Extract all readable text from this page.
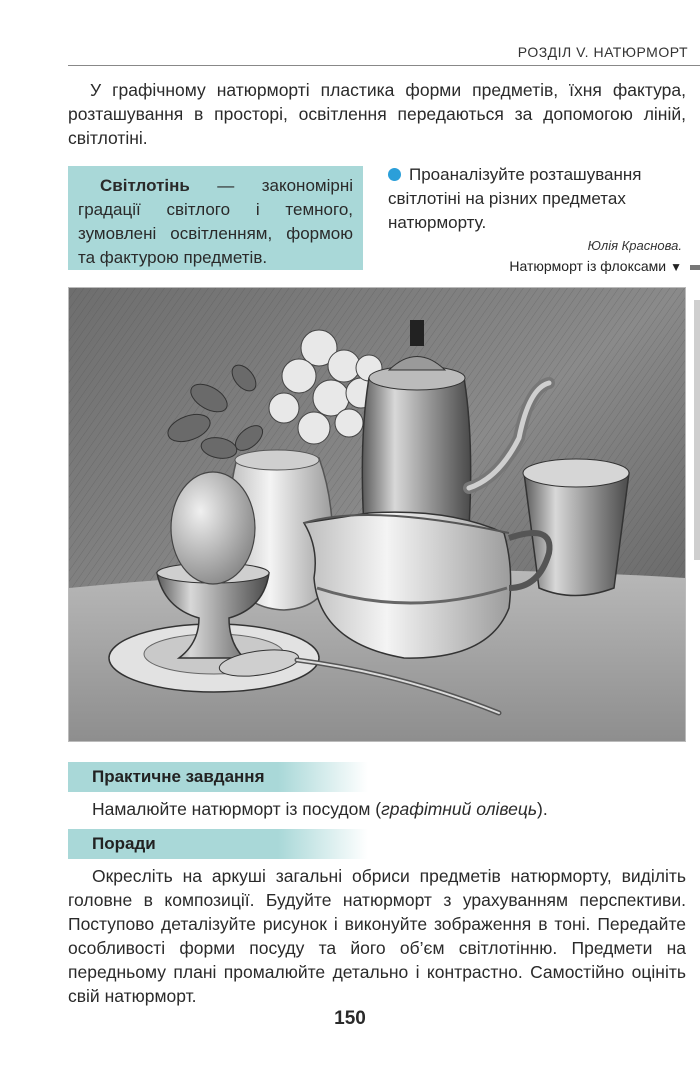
РОЗДІЛ V. НАТЮРМОРТ

У графічному натюрморті пластика форми предметів, їхня фактура, розташування в просторі, освітлення передаються за допомогою ліній, світлотіні.

Світлотінь — закономірні градації світлого і темного, зумовлені освітленням, формою та фактурою предметів.
Проаналізуйте розташування світлотіні на різних предметах натюрморту.
Юлія Краснова.
Натюрморт із флоксами ▼
Практичне завдання

Намалюйте натюрморт із посудом (графітний олівець).

Поради

Окресліть на аркуші загальні обриси предметів натюрморту, виділіть головне в композиції. Будуйте натюрморт з урахуванням перспективи. Поступово деталізуйте рисунок і виконуйте зображення в тоні. Передайте особливості форми посуду та його об’єм світлотінню. Предмети на передньому плані промалюйте детально і контрастно. Самостійно оцініть свій натюрморт.

150
